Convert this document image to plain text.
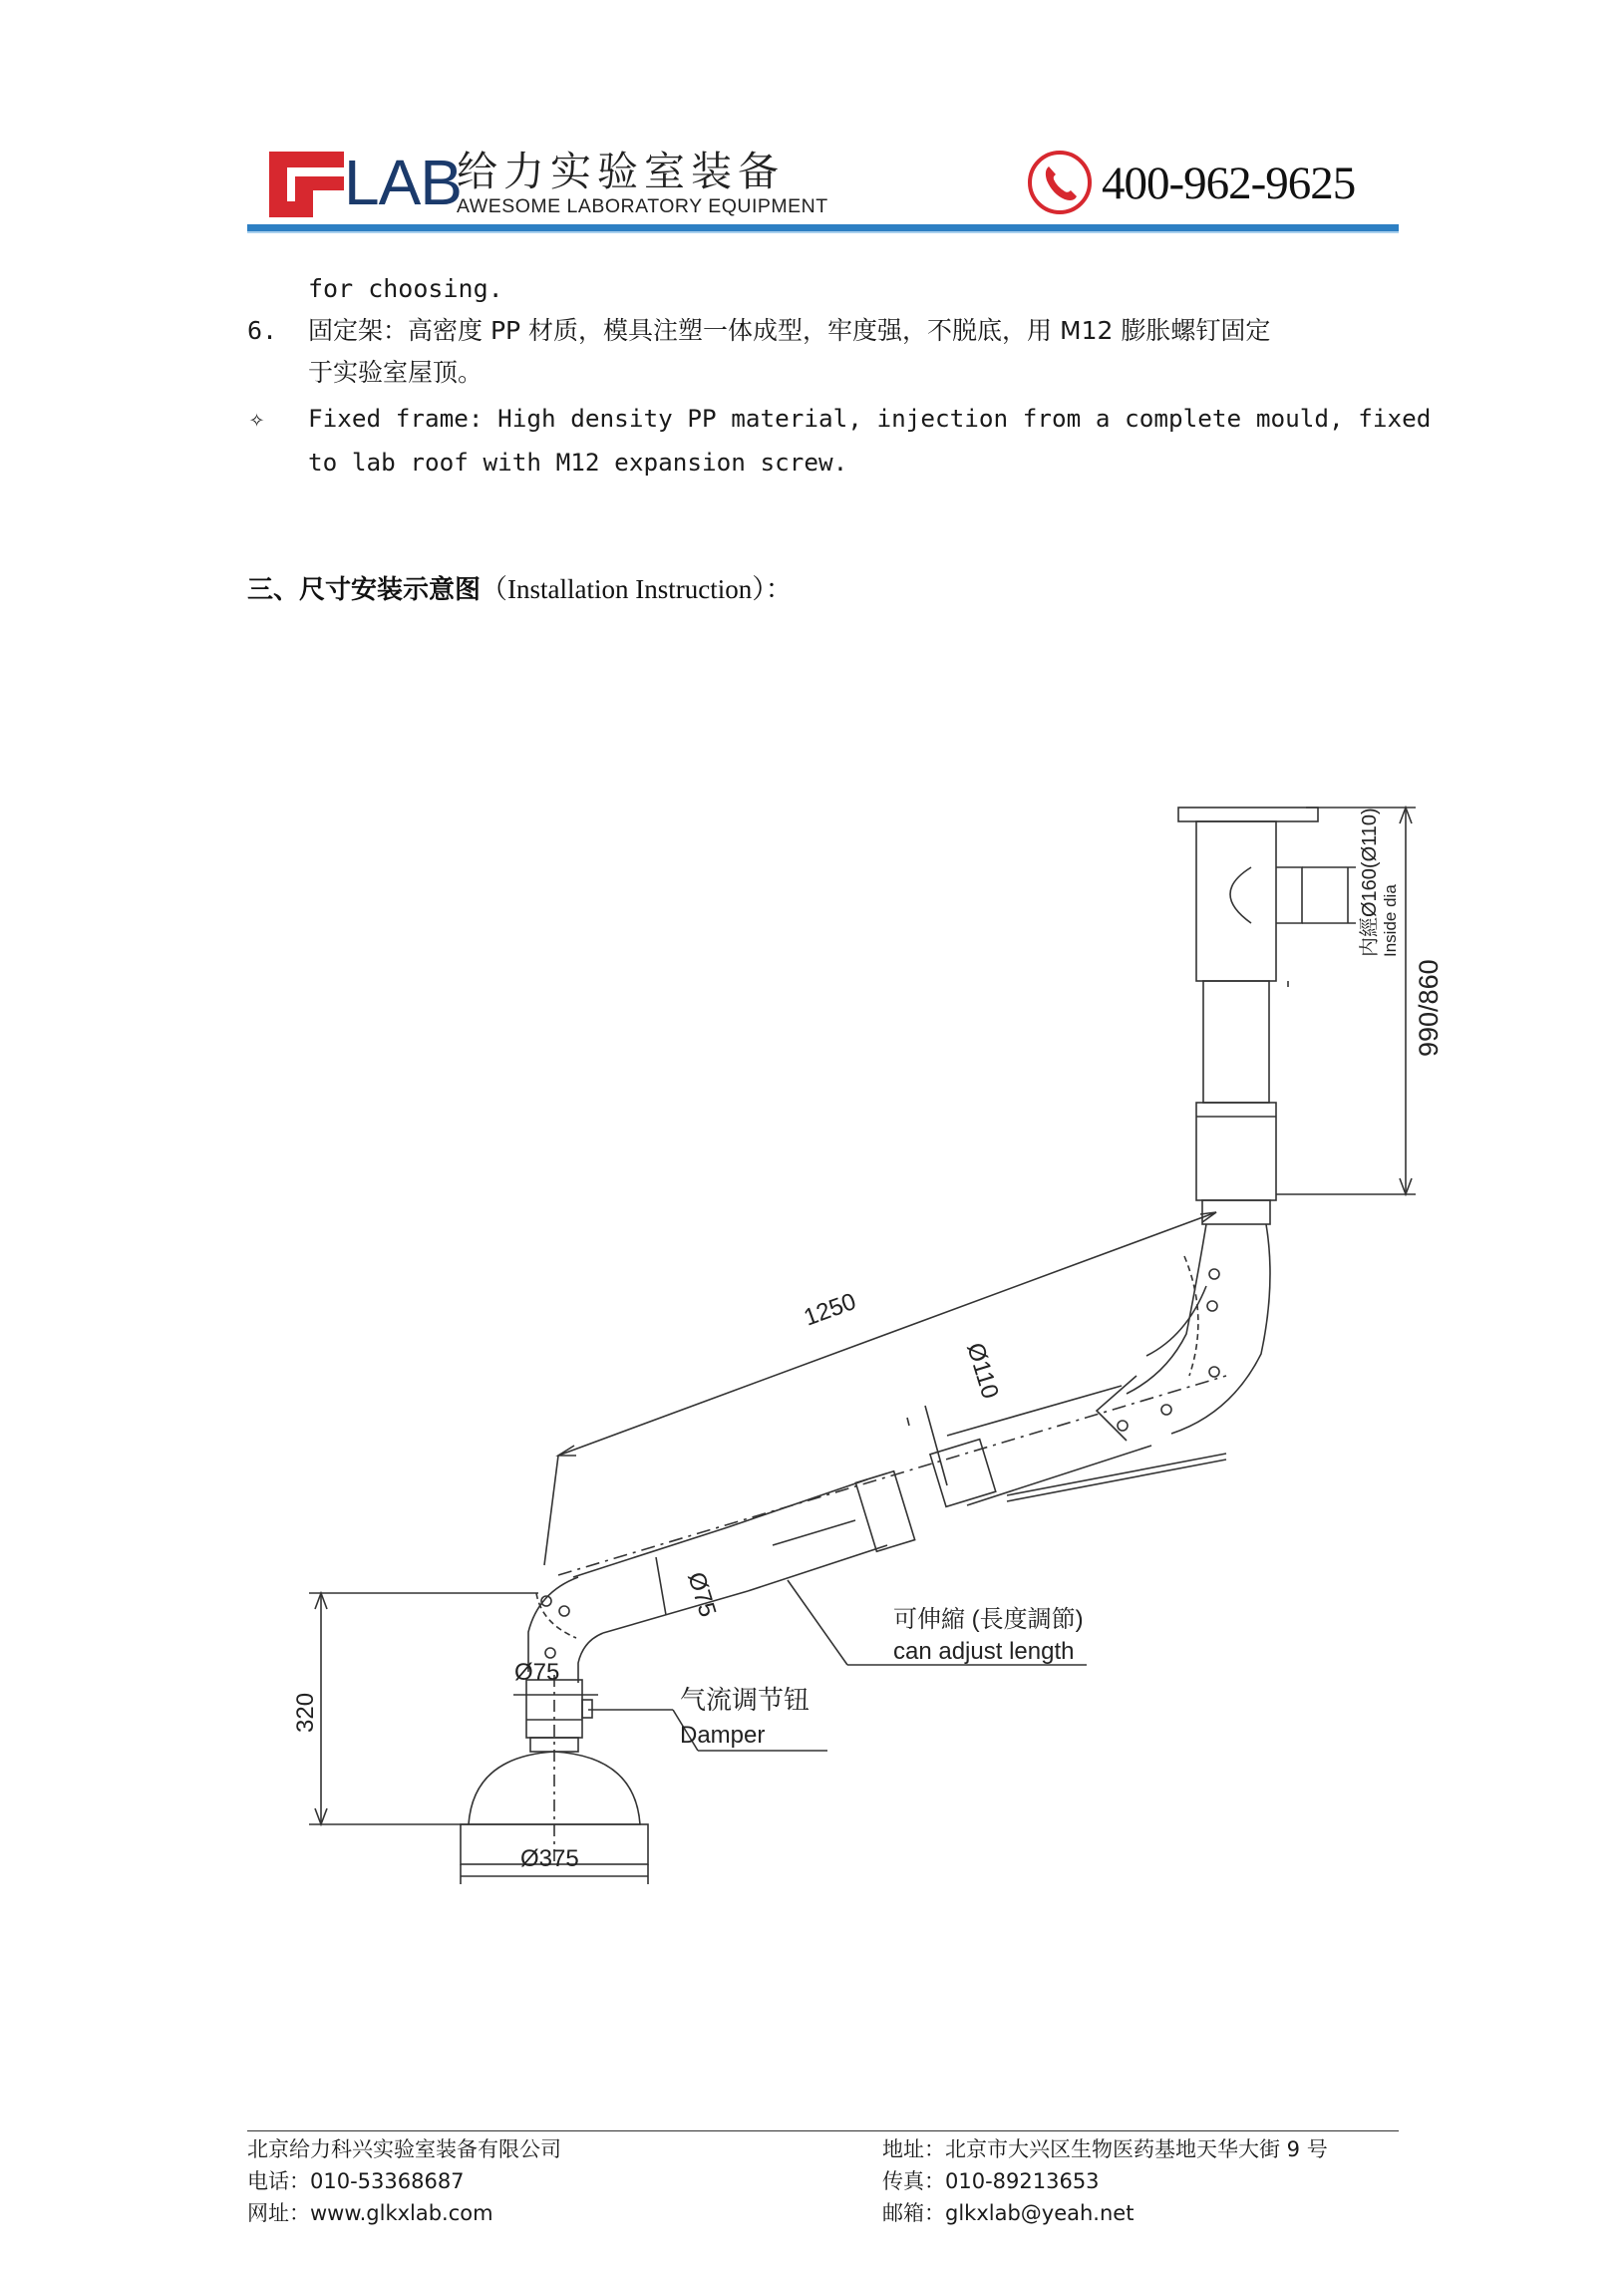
LAB
给力实验室装备
AWESOME LABORATORY EQUIPMENT	400-962-9625
for choosing.
6. 固定架：高密度 PP 材质，模具注塑一体成型，牢度强，不脱底，用 M12 膨胀螺钉固定
于实验室屋顶。
✧ Fixed frame: High density PP material, injection from a complete mould, fixed
to lab roof with M12 expansion screw.
三、尺寸安装示意图（Installation Instruction）：
内經Ø160(Ø110) Inside dia
990/860
1250
Ø110
Ø75	可伸縮 (長度調節)
can adjust length
Ø75
气流调节钮
Damper
320
Ø375
北京给力科兴实验室装备有限公司
电话：010-53368687
网址：www.glkxlab.com
地址：北京市大兴区生物医药基地天华大街 9 号
传真：010-89213653
邮箱：glkxlab@yeah.net
